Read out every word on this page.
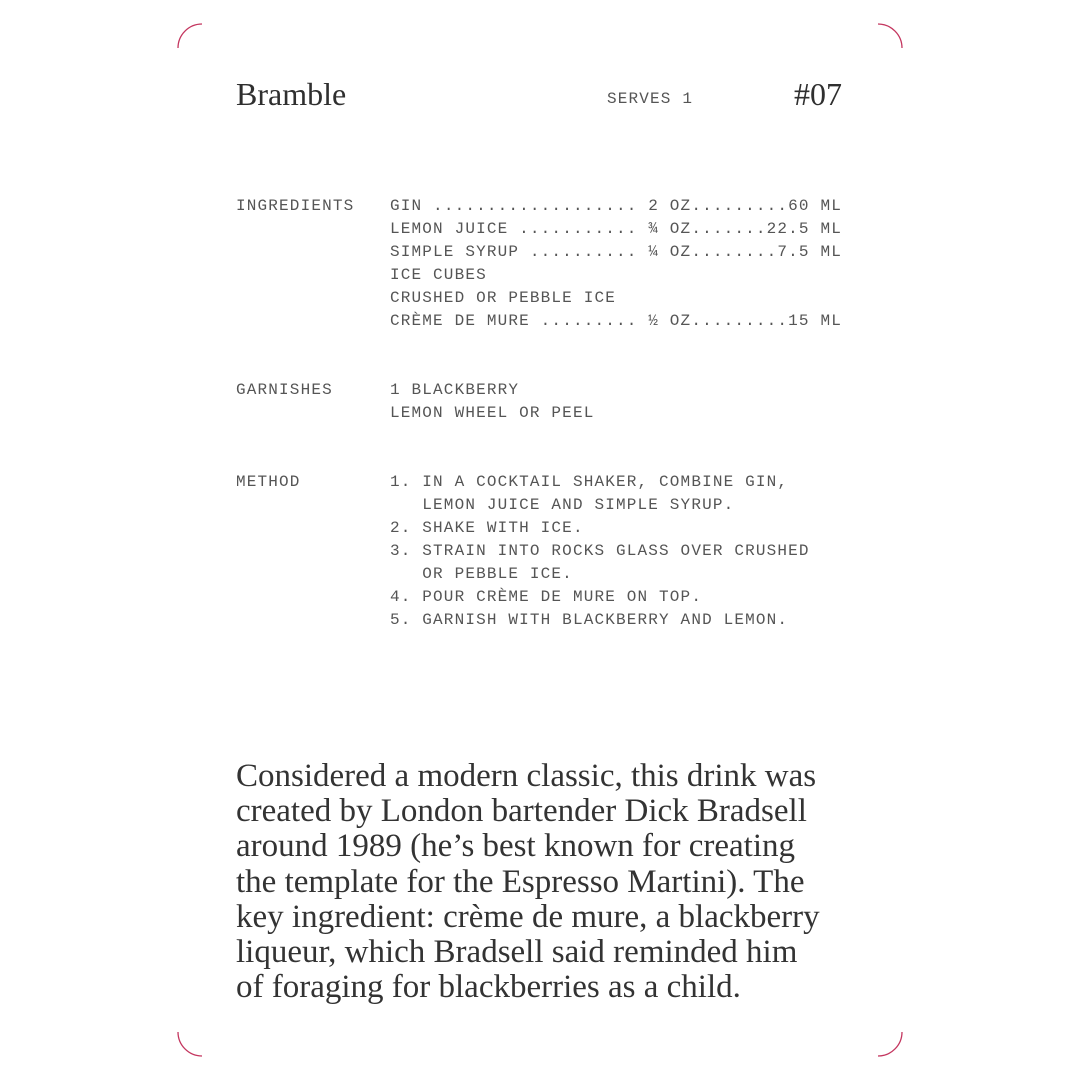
Bramble	SERVES 1	#07
INGREDIENTS GIN .....	2 OZ .....	60 ML
LEMON JUICE .....	¾ OZ .....	22.5 ML
SIMPLE SYRUP .....	¼ OZ .....	7.5 ML
ICE CUBES
CRUSHED OR PEBBLE ICE
CRÈME DE MURE .....	½ OZ .....	15 ML
GARNISHES	1 BLACKBERRY
LEMON WHEEL OR PEEL
METHOD	1. IN A COCKTAIL SHAKER, COMBINE GIN, LEMON JUICE AND SIMPLE SYRUP.
2. SHAKE WITH ICE.
3. STRAIN INTO ROCKS GLASS OVER CRUSHED OR PEBBLE ICE.
4. POUR CRÈME DE MURE ON TOP.
5. GARNISH WITH BLACKBERRY AND LEMON.
Considered a modern classic, this drink was
created by London bartender Dick Bradsell
around 1989 (he’s best known for creating
the template for the Espresso Martini). The
key ingredient: crème de mure, a blackberry
liqueur, which Bradsell said reminded him
of foraging for blackberries as a child.
